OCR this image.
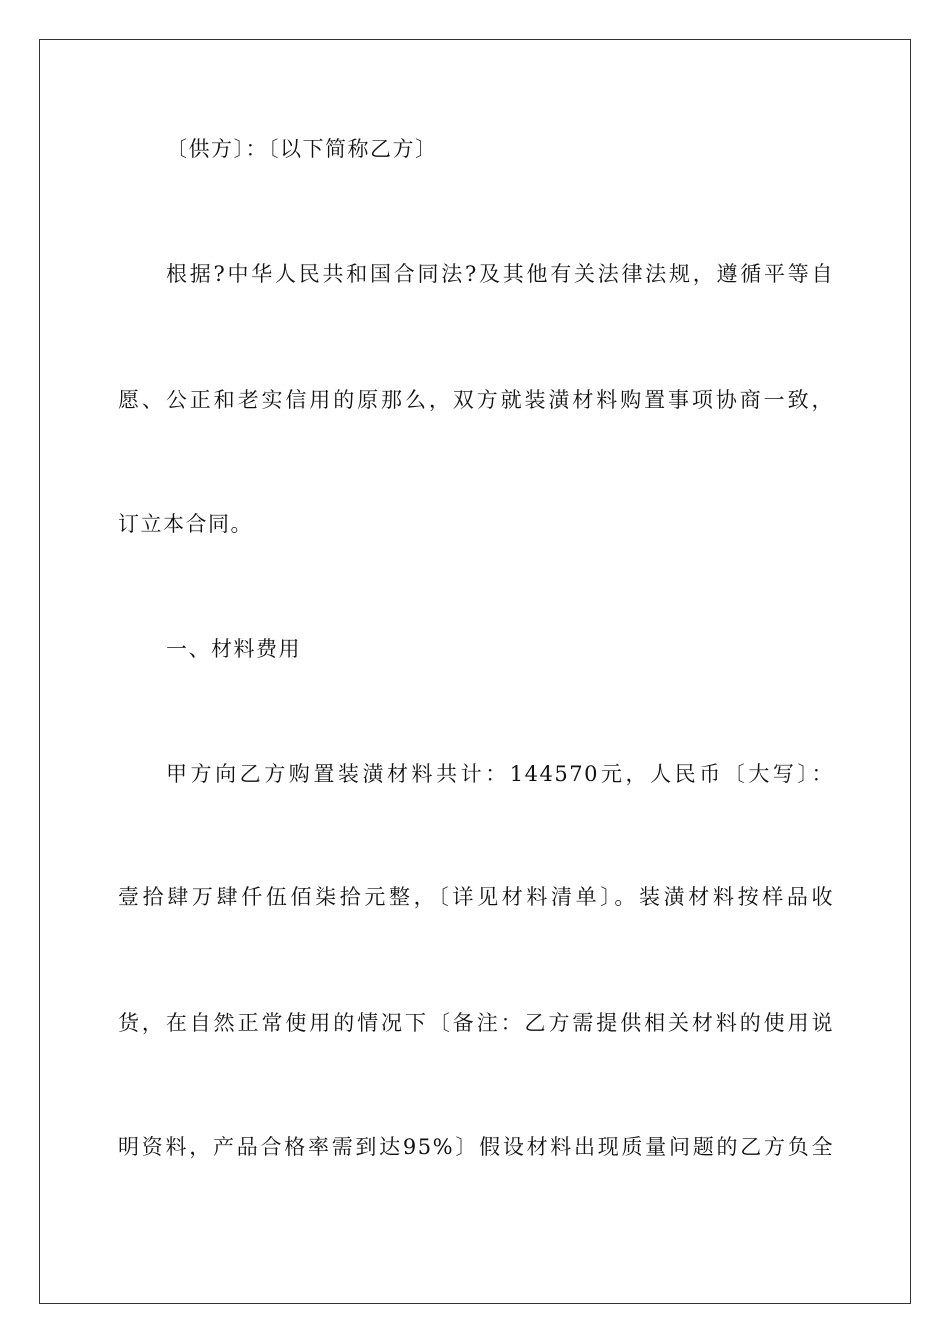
〔供方〕：〔以下简称乙方〕
根据?中华人民共和国合同法?及其他有关法律法规，遵循平等自
愿、公正和老实信用的原那么，双方就装潢材料购置事项协商一致，
订立本合同。
一、材料费用
甲方向乙方购置装潢材料共计：144570元，人民币〔大写〕：
壹拾肆万肆仟伍佰柒拾元整，〔详见材料清单〕。装潢材料按样品收
货，在自然正常使用的情况下〔备注：乙方需提供相关材料的使用说
明资料，产品合格率需到达95%〕假设材料出现质量问题的乙方负全
